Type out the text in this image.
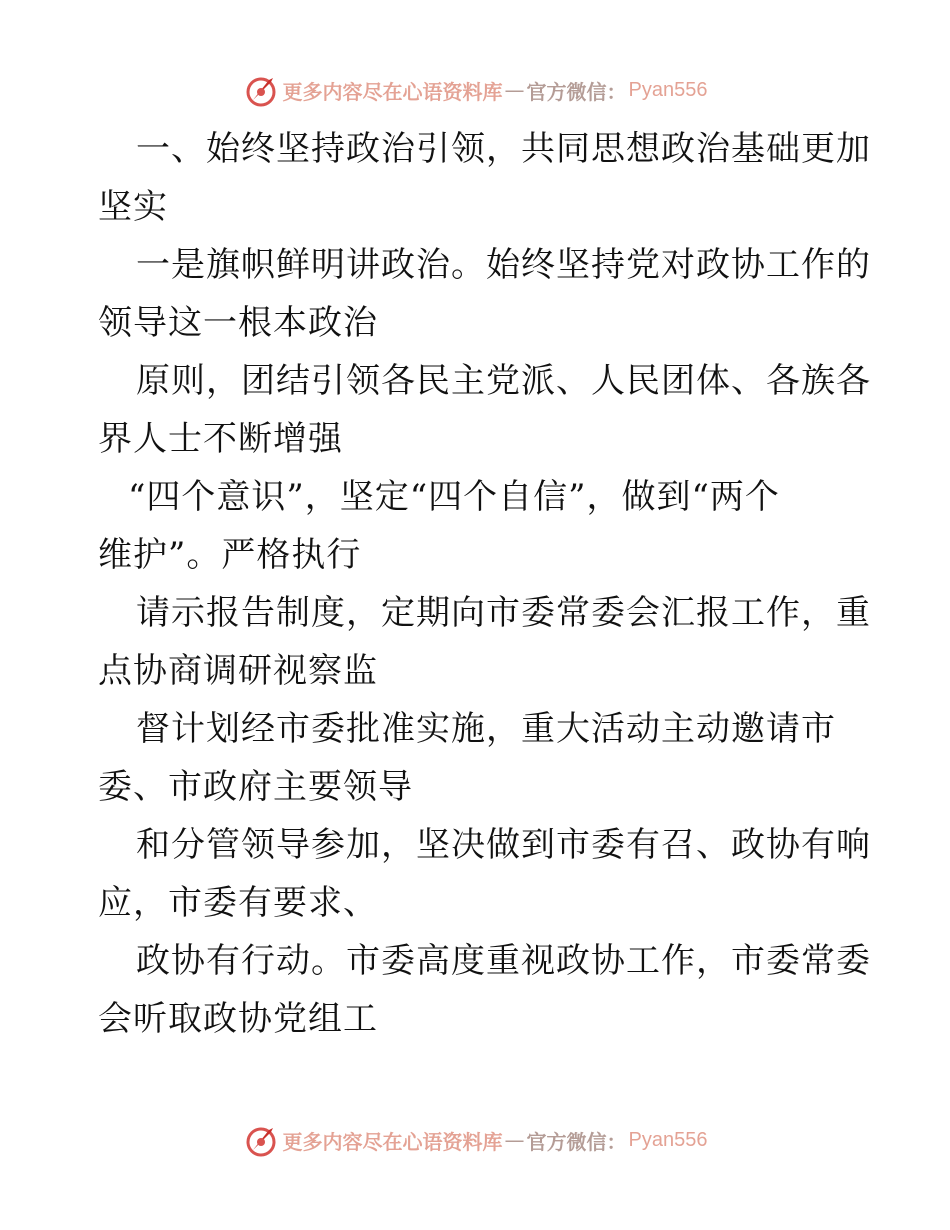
更多内容尽在心语资料库 — 官方微信： Pyan556

一、始终坚持政治引领，共同思想政治基础更加
坚实

一是旗帜鲜明讲政治。始终坚持党对政协工作的
领导这一根本政治

原则，团结引领各民主党派、人民团体、各族各
界人士不断增强

“四个意识”，坚定“四个自信”，做到“两个
维护”。严格执行

请示报告制度，定期向市委常委会汇报工作，重
点协商调研视察监

督计划经市委批准实施，重大活动主动邀请市
委、市政府主要领导

和分管领导参加，坚决做到市委有召、政协有响
应，市委有要求、

政协有行动。市委高度重视政协工作，市委常委
会听取政协党组工

更多内容尽在心语资料库 — 官方微信： Pyan556
